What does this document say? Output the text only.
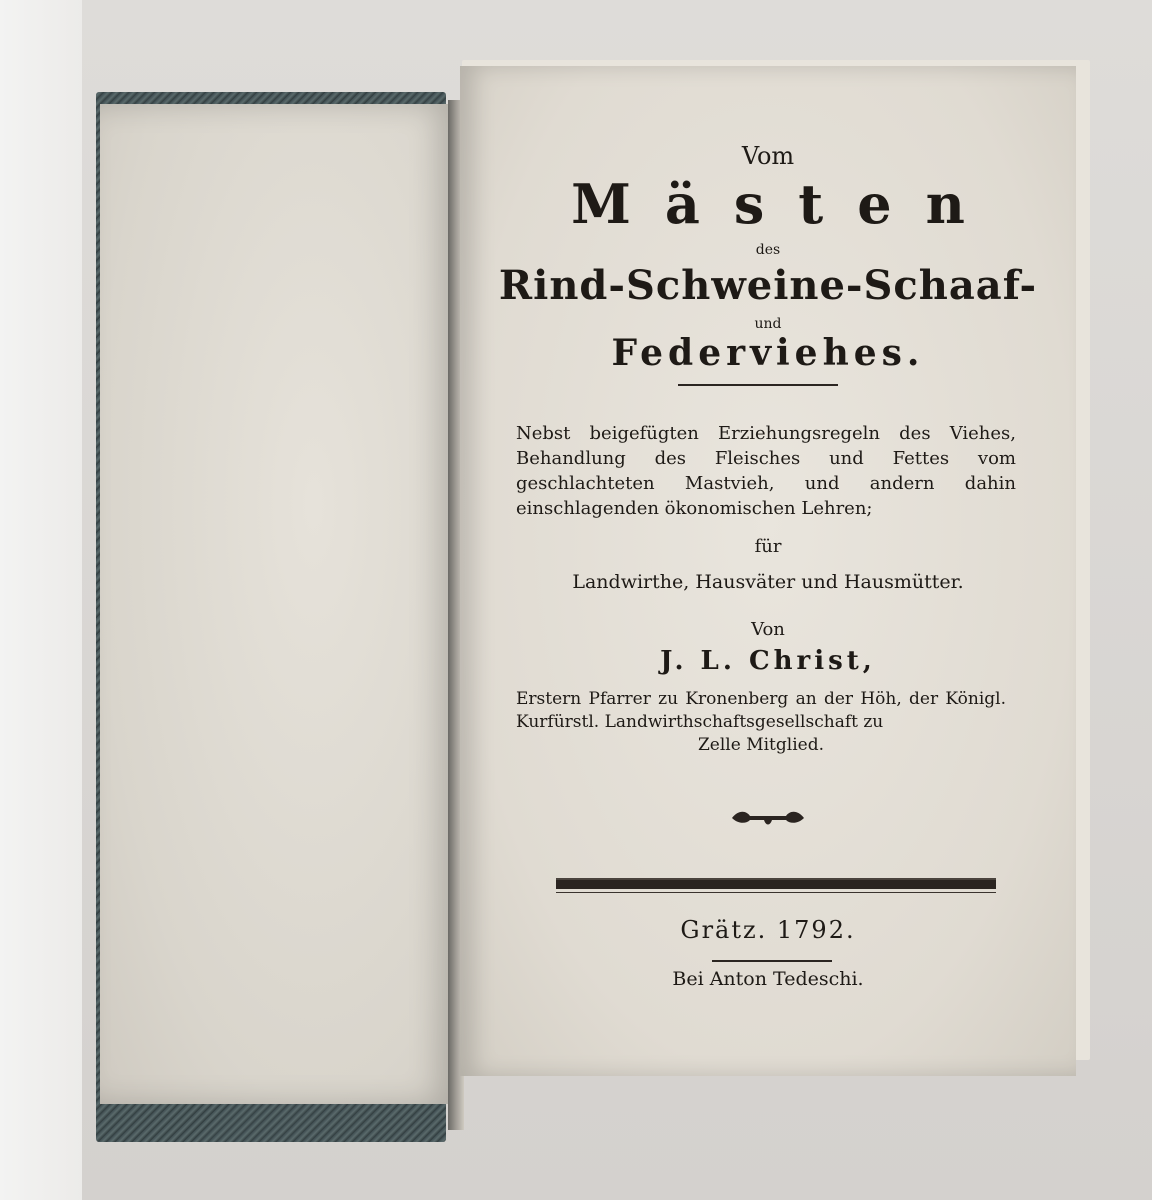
Vom
Mästen
des
Rind-Schweine-Schaaf-
und
Federviehes.
Nebst beigefügten Erziehungsregeln des Viehes, Behandlung des Fleisches und Fettes vom geschlachteten Mastvieh, und andern dahin einschlagenden ökonomischen Lehren;
für
Landwirthe, Hausväter und Hausmütter.
Von
J. L. Christ,
Erstern Pfarrer zu Kronenberg an der Höh, der Königl. Kurfürstl. Landwirthschaftsgesellschaft zu
Zelle Mitglied.
Grätz. 1792.
Bei Anton Tedeschi.
